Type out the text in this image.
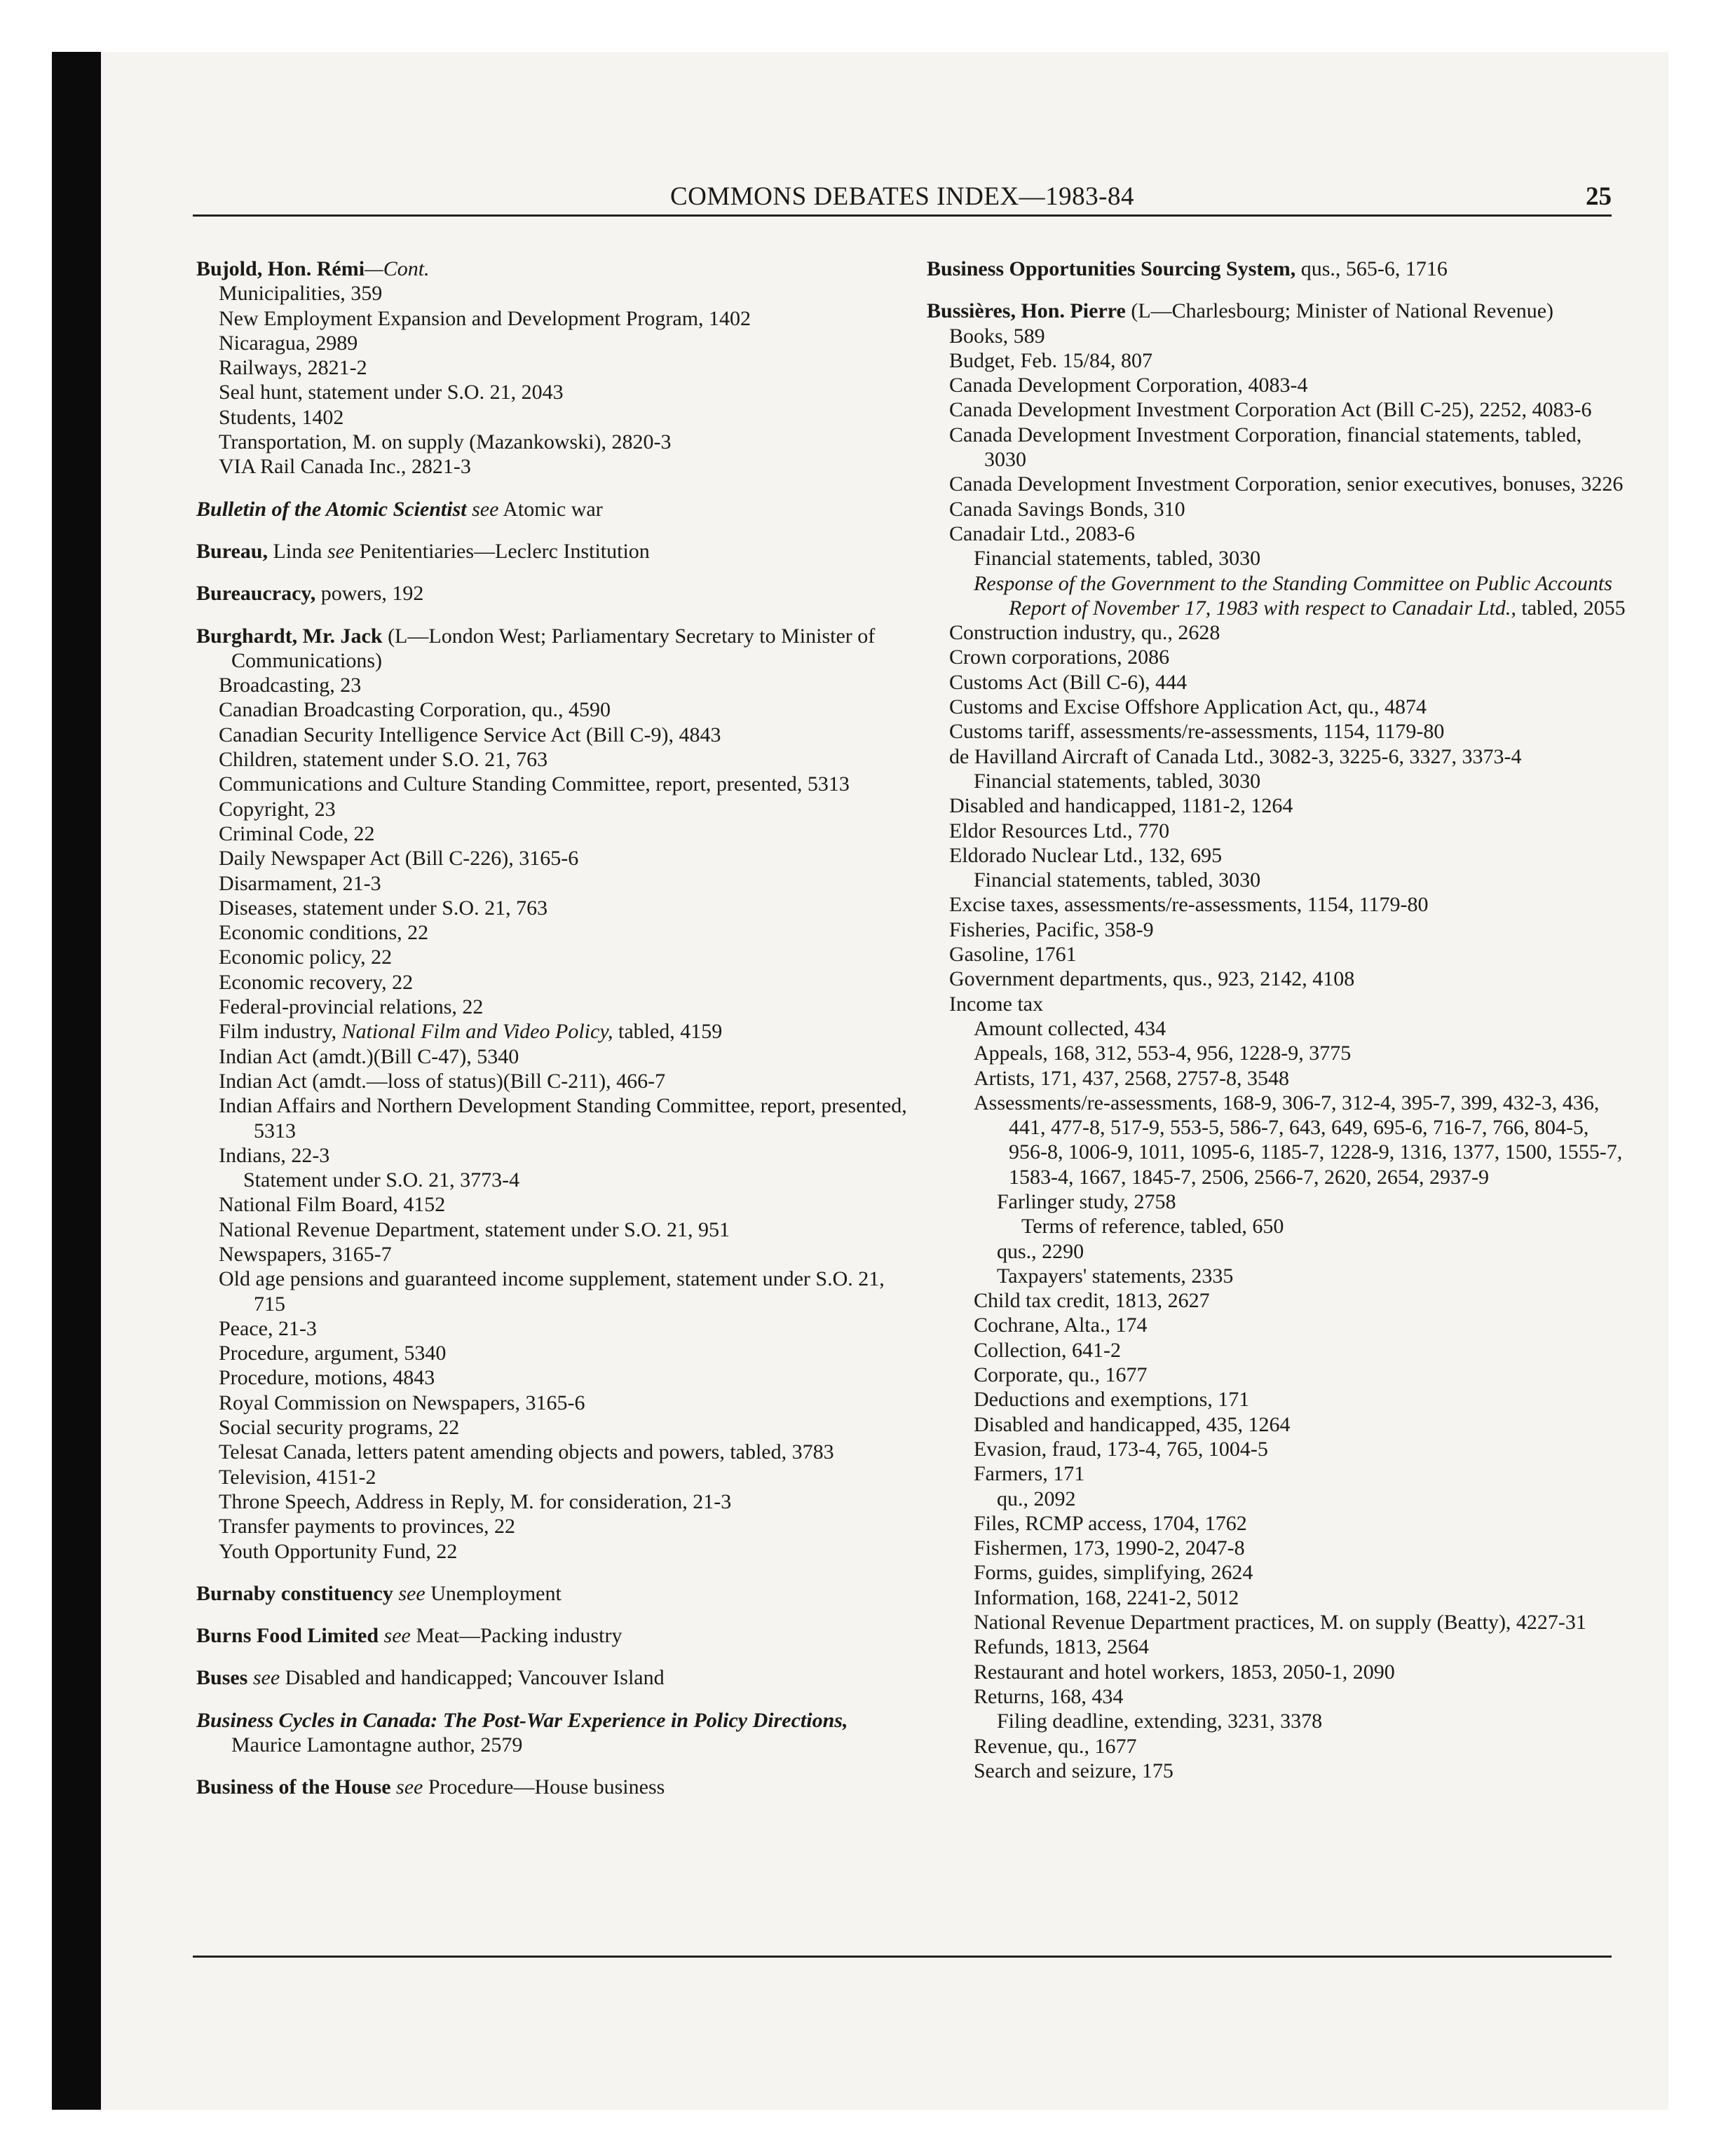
COMMONS DEBATES INDEX—1983-84	25
Bujold, Hon. Rémi—Cont.
Municipalities, 359
New Employment Expansion and Development Program, 1402
Nicaragua, 2989
Railways, 2821-2
Seal hunt, statement under S.O. 21, 2043
Students, 1402
Transportation, M. on supply (Mazankowski), 2820-3
VIA Rail Canada Inc., 2821-3
Bulletin of the Atomic Scientist see Atomic war
Bureau, Linda see Penitentiaries—Leclerc Institution
Bureaucracy, powers, 192
Burghardt, Mr. Jack (L—London West; Parliamentary Secretary to Minister of Communications)
Broadcasting, 23
Canadian Broadcasting Corporation, qu., 4590
Canadian Security Intelligence Service Act (Bill C-9), 4843
Children, statement under S.O. 21, 763
Communications and Culture Standing Committee, report, presented, 5313
Copyright, 23
Criminal Code, 22
Daily Newspaper Act (Bill C-226), 3165-6
Disarmament, 21-3
Diseases, statement under S.O. 21, 763
Economic conditions, 22
Economic policy, 22
Economic recovery, 22
Federal-provincial relations, 22
Film industry, National Film and Video Policy, tabled, 4159
Indian Act (amdt.)(Bill C-47), 5340
Indian Act (amdt.—loss of status)(Bill C-211), 466-7
Indian Affairs and Northern Development Standing Committee, report, presented, 5313
Indians, 22-3
Statement under S.O. 21, 3773-4
National Film Board, 4152
National Revenue Department, statement under S.O. 21, 951
Newspapers, 3165-7
Old age pensions and guaranteed income supplement, statement under S.O. 21, 715
Peace, 21-3
Procedure, argument, 5340
Procedure, motions, 4843
Royal Commission on Newspapers, 3165-6
Social security programs, 22
Telesat Canada, letters patent amending objects and powers, tabled, 3783
Television, 4151-2
Throne Speech, Address in Reply, M. for consideration, 21-3
Transfer payments to provinces, 22
Youth Opportunity Fund, 22
Burnaby constituency see Unemployment
Burns Food Limited see Meat—Packing industry
Buses see Disabled and handicapped; Vancouver Island
Business Cycles in Canada: The Post-War Experience in Policy Directions, Maurice Lamontagne author, 2579
Business of the House see Procedure—House business
Business Opportunities Sourcing System, qus., 565-6, 1716
Bussières, Hon. Pierre (L—Charlesbourg; Minister of National Revenue)
Books, 589
Budget, Feb. 15/84, 807
Canada Development Corporation, 4083-4
Canada Development Investment Corporation Act (Bill C-25), 2252, 4083-6
Canada Development Investment Corporation, financial statements, tabled, 3030
Canada Development Investment Corporation, senior executives, bonuses, 3226
Canada Savings Bonds, 310
Canadair Ltd., 2083-6
Financial statements, tabled, 3030
Response of the Government to the Standing Committee on Public Accounts Report of November 17, 1983 with respect to Canadair Ltd., tabled, 2055
Construction industry, qu., 2628
Crown corporations, 2086
Customs Act (Bill C-6), 444
Customs and Excise Offshore Application Act, qu., 4874
Customs tariff, assessments/re-assessments, 1154, 1179-80
de Havilland Aircraft of Canada Ltd., 3082-3, 3225-6, 3327, 3373-4
Financial statements, tabled, 3030
Disabled and handicapped, 1181-2, 1264
Eldor Resources Ltd., 770
Eldorado Nuclear Ltd., 132, 695
Financial statements, tabled, 3030
Excise taxes, assessments/re-assessments, 1154, 1179-80
Fisheries, Pacific, 358-9
Gasoline, 1761
Government departments, qus., 923, 2142, 4108
Income tax
Amount collected, 434
Appeals, 168, 312, 553-4, 956, 1228-9, 3775
Artists, 171, 437, 2568, 2757-8, 3548
Assessments/re-assessments, 168-9, 306-7, 312-4, 395-7, 399, 432-3, 436, 441, 477-8, 517-9, 553-5, 586-7, 643, 649, 695-6, 716-7, 766, 804-5, 956-8, 1006-9, 1011, 1095-6, 1185-7, 1228-9, 1316, 1377, 1500, 1555-7, 1583-4, 1667, 1845-7, 2506, 2566-7, 2620, 2654, 2937-9
Farlinger study, 2758
Terms of reference, tabled, 650
qus., 2290
Taxpayers' statements, 2335
Child tax credit, 1813, 2627
Cochrane, Alta., 174
Collection, 641-2
Corporate, qu., 1677
Deductions and exemptions, 171
Disabled and handicapped, 435, 1264
Evasion, fraud, 173-4, 765, 1004-5
Farmers, 171
qu., 2092
Files, RCMP access, 1704, 1762
Fishermen, 173, 1990-2, 2047-8
Forms, guides, simplifying, 2624
Information, 168, 2241-2, 5012
National Revenue Department practices, M. on supply (Beatty), 4227-31
Refunds, 1813, 2564
Restaurant and hotel workers, 1853, 2050-1, 2090
Returns, 168, 434
Filing deadline, extending, 3231, 3378
Revenue, qu., 1677
Search and seizure, 175
